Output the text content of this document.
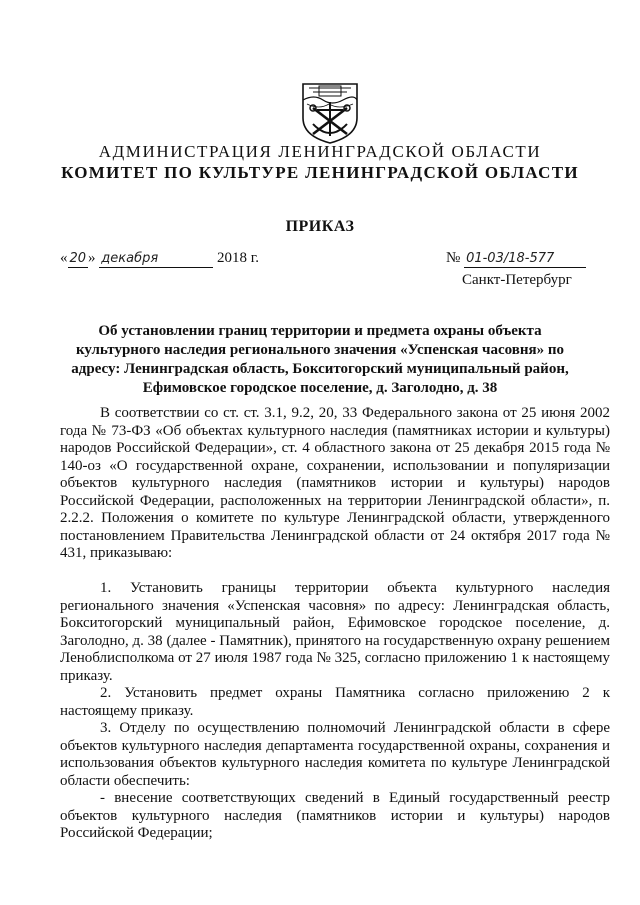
АДМИНИСТРАЦИЯ ЛЕНИНГРАДСКОЙ ОБЛАСТИ
КОМИТЕТ ПО КУЛЬТУРЕ ЛЕНИНГРАДСКОЙ ОБЛАСТИ
ПРИКАЗ
« 20 » декабря	2018 г.	№ 01-03/18-577
Санкт-Петербург
Об установлении границ территории и предмета охраны объекта культурного наследия регионального значения «Успенская часовня» по адресу: Ленинградская область, Бокситогорский муниципальный район, Ефимовское городское поселение, д. Заголодно, д. 38

В соответствии со ст. ст. 3.1, 9.2, 20, 33 Федерального закона от 25 июня 2002 года № 73-ФЗ «Об объектах культурного наследия (памятниках истории и культуры) народов Российской Федерации», ст. 4 областного закона от 25 декабря 2015 года № 140-оз «О государственной охране, сохранении, использовании и популяризации объектов культурного наследия (памятников истории и культуры) народов Российской Федерации, расположенных на территории Ленинградской области», п. 2.2.2. Положения о комитете по культуре Ленинградской области, утвержденного постановлением Правительства Ленинградской области от 24 октября 2017 года № 431, приказываю:

1. Установить границы территории объекта культурного наследия регионального значения «Успенская часовня» по адресу: Ленинградская область, Бокситогорский муниципальный район, Ефимовское городское поселение, д. Заголодно, д. 38 (далее - Памятник), принятого на государственную охрану решением Леноблисполкома от 27 июля 1987 года № 325, согласно приложению 1 к настоящему приказу.

2. Установить предмет охраны Памятника согласно приложению 2 к настоящему приказу.

3. Отделу по осуществлению полномочий Ленинградской области в сфере объектов культурного наследия департамента государственной охраны, сохранения и использования объектов культурного наследия комитета по культуре Ленинградской области обеспечить:

- внесение соответствующих сведений в Единый государственный реестр объектов культурного наследия (памятников истории и культуры) народов Российской Федерации;
